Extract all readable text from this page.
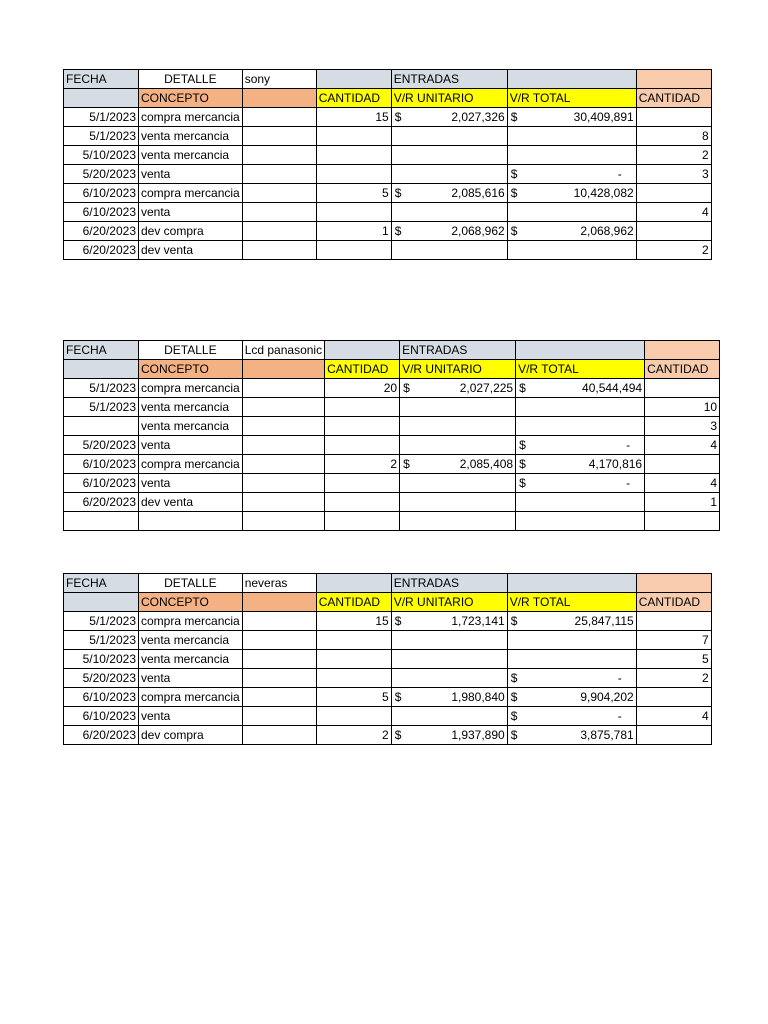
FECHA	DETALLE	sony		ENTRADAS		
	CONCEPTO		CANTIDAD	V/R UNITARIO	V/R TOTAL	CANTIDAD
5/1/2023	compra mercancia		15	$ 2,027,326	$ 30,409,891	

5/1/2023	venta mercancia					8
5/10/2023	venta mercancia					2
5/20/2023	venta				$ -	3
6/10/2023	compra mercancia		5	$ 2,085,616	$ 10,428,082	

6/10/2023	venta					4
6/20/2023	dev compra		1	$ 2,068,962	$ 2,068,962	

6/20/2023	dev venta					2
FECHA	DETALLE	Lcd panasonic		ENTRADAS		
	CONCEPTO		CANTIDAD	V/R UNITARIO	V/R TOTAL	CANTIDAD
5/1/2023	compra mercancia		20	$ 2,027,225	$ 40,544,494	

5/1/2023	venta mercancia					10
	venta mercancia					3
5/20/2023	venta				$ -	4
6/10/2023	compra mercancia		2	$ 2,085,408	$ 4,170,816	

6/10/2023	venta				$ -	4
6/20/2023	dev venta					1

FECHA	DETALLE	neveras		ENTRADAS		
	CONCEPTO		CANTIDAD	V/R UNITARIO	V/R TOTAL	CANTIDAD
5/1/2023	compra mercancia		15	$ 1,723,141	$ 25,847,115	

5/1/2023	venta mercancia					7
5/10/2023	venta mercancia					5
5/20/2023	venta				$ -	2
6/10/2023	compra mercancia		5	$ 1,980,840	$ 9,904,202	

6/10/2023	venta				$ -	4
6/20/2023	dev compra		2	$ 1,937,890	$ 3,875,781	
